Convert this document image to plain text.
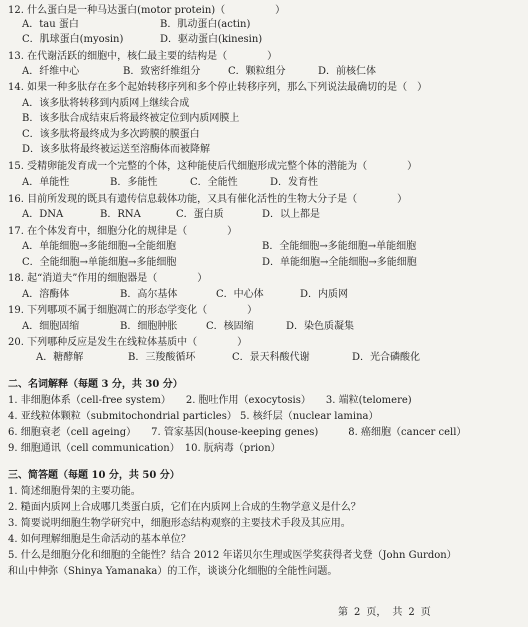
12. 什么蛋白是一种马达蛋白(motor protein)（　　　　　）
A．tau 蛋白	B．肌动蛋白(actin)
C．肌球蛋白(myosin)	D．驱动蛋白(kinesin)
13. 在代谢活跃的细胞中，核仁最主要的结构是（　　　　）
A．纤维中心	B．致密纤维组分	C．颗粒组分	D．前核仁体
14. 如果一种多肽存在多个起始转移序列和多个停止转移序列，那么下列说法最确切的是（　）
A．该多肽将转移到内质网上继续合成
B．该多肽合成结束后将最终被定位到内质网膜上
C．该多肽将最终成为多次跨膜的膜蛋白
D．该多肽将最终被运送至溶酶体而被降解
15. 受精卵能发育成一个完整的个体，这种能使后代细胞形成完整个体的潜能为（　　　　）
A．单能性	B．多能性	C．全能性	D．发育性
16. 目前所发现的既具有遗传信息载体功能，又具有催化活性的生物大分子是（　　　　）
A．DNA	B．RNA	C．蛋白质	D．以上都是
17. 在个体发育中，细胞分化的规律是（　　　　）
A．单能细胞→多能细胞→全能细胞	B．全能细胞→多能细胞→单能细胞
C．全能细胞→单能细胞→多能细胞	D．单能细胞→全能细胞→多能细胞
18. 起“消道夫”作用的细胞器是（　　　　）
A．溶酶体	B．高尔基体	C．中心体	D．内质网
19. 下列哪项不属于细胞凋亡的形态学变化（　　　　）
A．细胞固缩	B．细胞肿胀	C．核固缩	D．染色质凝集
20. 下列哪种反应是发生在线粒体基质中（　　　　）
A．糖酵解	B．三羧酸循环	C．景天科酸代谢	D．光合磷酸化
二、名词解释（每题 3 分，共 30 分）
1. 非细胞体系（cell-free system）　　2. 胞吐作用（exocytosis）　　3. 端粒(telomere)
4. 亚线粒体颗粒（submitochondrial particles） 5. 核纤层（nuclear lamina）
6. 细胞衰老（cell ageing）　　7. 管家基因(house-keeping genes)　　　8. 癌细胞（cancer cell）
9. 细胞通讯（cell communication）　10. 朊病毒（prion）
三、简答题（每题 10 分，共 50 分）
1. 简述细胞骨架的主要功能。
2. 糙面内质网上合成哪几类蛋白质，它们在内质网上合成的生物学意义是什么？
3. 简要说明细胞生物学研究中，细胞形态结构观察的主要技术手段及其应用。
4. 如何理解细胞是生命活动的基本单位？
5. 什么是细胞分化和细胞的全能性？结合 2012 年诺贝尔生理或医学奖获得者戈登（John Gurdon）
和山中伸弥（Shinya Yamanaka）的工作，谈谈分化细胞的全能性问题。
第 2 页， 共 2 页
